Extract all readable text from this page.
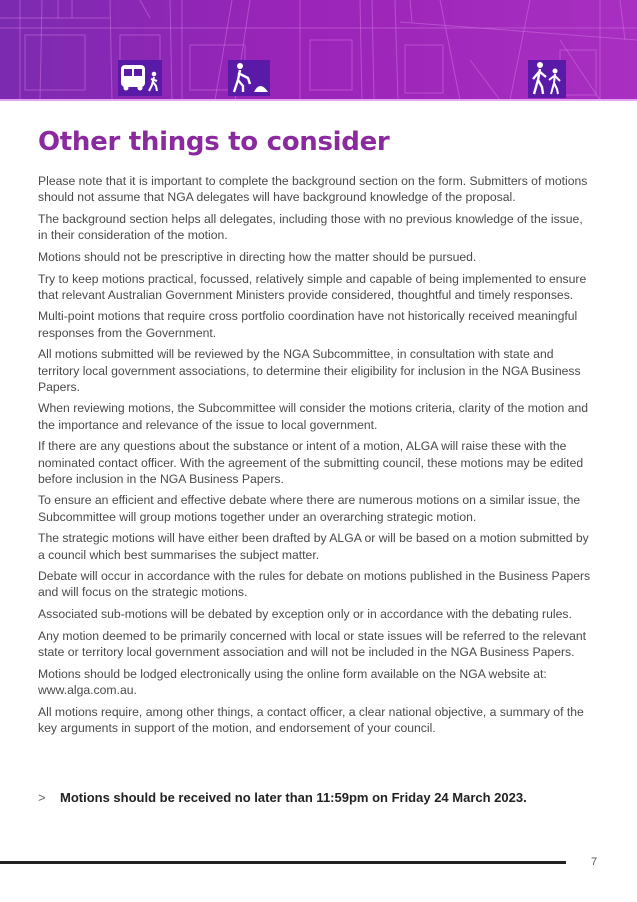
Other things to consider

Please note that it is important to complete the background section on the form. Submitters of motions should not assume that NGA delegates will have background knowledge of the proposal.

The background section helps all delegates, including those with no previous knowledge of the issue, in their consideration of the motion.

Motions should not be prescriptive in directing how the matter should be pursued.

Try to keep motions practical, focussed, relatively simple and capable of being implemented to ensure that relevant Australian Government Ministers provide considered, thoughtful and timely responses.

Multi-point motions that require cross portfolio coordination have not historically received meaningful responses from the Government.

All motions submitted will be reviewed by the NGA Subcommittee, in consultation with state and territory local government associations, to determine their eligibility for inclusion in the NGA Business Papers.

When reviewing motions, the Subcommittee will consider the motions criteria, clarity of the motion and the importance and relevance of the issue to local government.

If there are any questions about the substance or intent of a motion, ALGA will raise these with the nominated contact officer. With the agreement of the submitting council, these motions may be edited before inclusion in the NGA Business Papers.

To ensure an efficient and effective debate where there are numerous motions on a similar issue, the Subcommittee will group motions together under an overarching strategic motion.

The strategic motions will have either been drafted by ALGA or will be based on a motion submitted by a council which best summarises the subject matter.

Debate will occur in accordance with the rules for debate on motions published in the Business Papers and will focus on the strategic motions.

Associated sub-motions will be debated by exception only or in accordance with the debating rules.

Any motion deemed to be primarily concerned with local or state issues will be referred to the relevant state or territory local government association and will not be included in the NGA Business Papers.

Motions should be lodged electronically using the online form available on the NGA website at: www.alga.com.au.

All motions require, among other things, a contact officer, a clear national objective, a summary of the key arguments in support of the motion, and endorsement of your council.

> Motions should be received no later than 11:59pm on Friday 24 March 2023.
7
